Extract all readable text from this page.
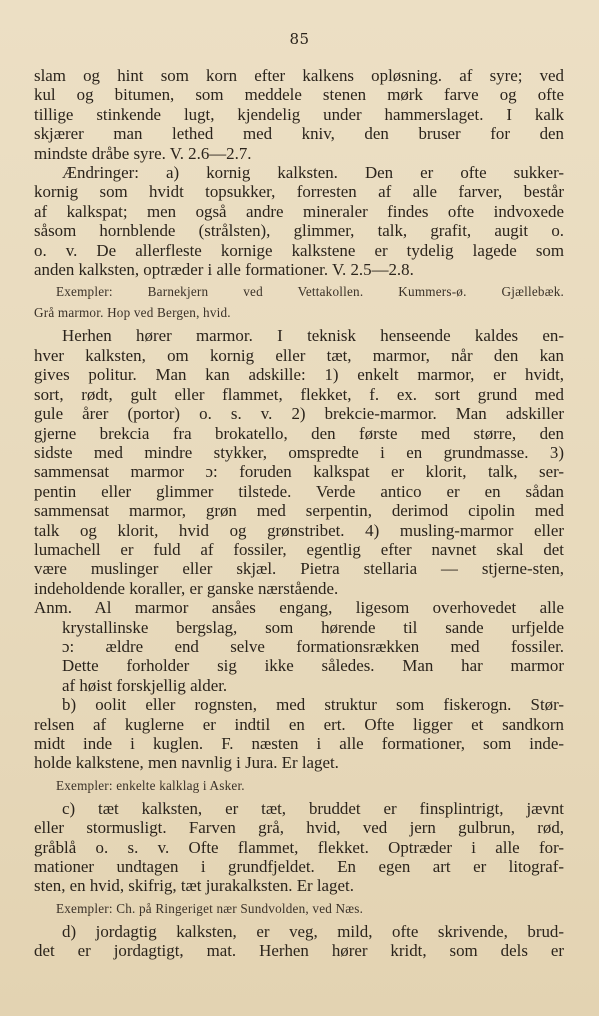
85
slam og hint som korn efter kalkens opløsning. af syre; ved
kul og bitumen, som meddele stenen mørk farve og ofte
tillige stinkende lugt, kjendelig under hammerslaget. I kalk
skjærer man lethed med kniv, den bruser for den
mindste dråbe syre. V. 2.6—2.7.
Ændringer: a) kornig kalksten. Den er ofte sukker-
kornig som hvidt topsukker, forresten af alle farver, består
af kalkspat; men også andre mineraler findes ofte indvoxede
såsom hornblende (strålsten), glimmer, talk, grafit, augit o.
o. v. De allerfleste kornige kalkstene er tydelig lagede som
anden kalksten, optræder i alle formationer. V. 2.5—2.8.
Exempler: Barnekjern ved Vettakollen. Kummers-ø. Gjællebæk.
Grå marmor. Hop ved Bergen, hvid.
Herhen hører marmor. I teknisk henseende kaldes en-
hver kalksten, om kornig eller tæt, marmor, når den kan
gives politur. Man kan adskille: 1) enkelt marmor, er hvidt,
sort, rødt, gult eller flammet, flekket, f. ex. sort grund med
gule årer (portor) o. s. v. 2) brekcie-marmor. Man adskiller
gjerne brekcia fra brokatello, den første med større, den
sidste med mindre stykker, omspredte i en grundmasse. 3)
sammensat marmor ɔ: foruden kalkspat er klorit, talk, ser-
pentin eller glimmer tilstede. Verde antico er en sådan
sammensat marmor, grøn med serpentin, derimod cipolin med
talk og klorit, hvid og grønstribet. 4) musling-marmor eller
lumachell er fuld af fossiler, egentlig efter navnet skal det
være muslinger eller skjæl. Pietra stellaria — stjerne-sten,
indeholdende koraller, er ganske nærstående.
Anm. Al marmor ansåes engang, ligesom overhovedet alle
krystallinske bergslag, som hørende til sande urfjelde
ɔ: ældre end selve formationsrækken med fossiler.
Dette forholder sig ikke således. Man har marmor
af høist forskjellig alder.
b) oolit eller rognsten, med struktur som fiskerogn. Stør-
relsen af kuglerne er indtil en ert. Ofte ligger et sandkorn
midt inde i kuglen. F. næsten i alle formationer, som inde-
holde kalkstene, men navnlig i Jura. Er laget.
Exempler: enkelte kalklag i Asker.
c) tæt kalksten, er tæt, bruddet er finsplintrigt, jævnt
eller stormusligt. Farven grå, hvid, ved jern gulbrun, rød,
gråblå o. s. v. Ofte flammet, flekket. Optræder i alle for-
mationer undtagen i grundfjeldet. En egen art er litograf-
sten, en hvid, skifrig, tæt jurakalksten. Er laget.
Exempler: Ch. på Ringeriget nær Sundvolden, ved Næs.
d) jordagtig kalksten, er veg, mild, ofte skrivende, brud-
det er jordagtigt, mat. Herhen hører kridt, som dels er
